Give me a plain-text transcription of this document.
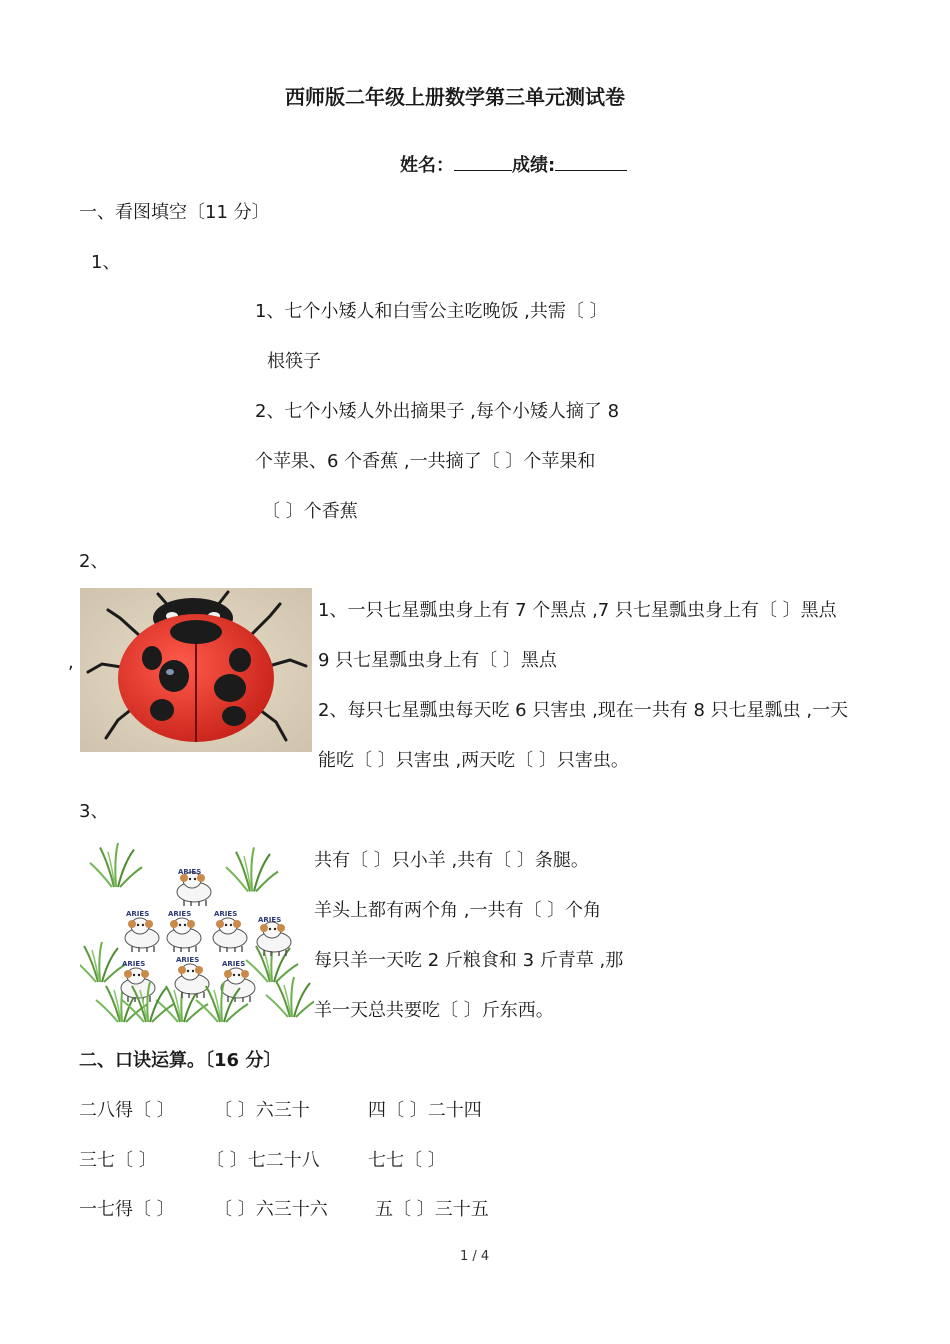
西师版二年级上册数学第三单元测试卷
姓名：	成绩:
一、看图填空〔11 分〕
1、
1、七个小矮人和白雪公主吃晚饭 ,共需〔 〕
根筷子
2、七个小矮人外出摘果子 ,每个小矮人摘了 8
个苹果、6 个香蕉 ,一共摘了〔 〕个苹果和
〔 〕个香蕉
2、
,
1、一只七星瓢虫身上有 7 个黑点 ,7 只七星瓢虫身上有〔 〕黑点
9 只七星瓢虫身上有〔 〕黑点
2、每只七星瓢虫每天吃 6 只害虫 ,现在一共有 8 只七星瓢虫 ,一天
能吃〔 〕只害虫 ,两天吃〔 〕只害虫。
3、
ARIES
ARIES	ARIES	ARIES
ARIES
ARIES	ARIES	ARIES
共有〔 〕只小羊 ,共有〔 〕条腿。
羊头上都有两个角 ,一共有〔 〕个角
每只羊一天吃 2 斤粮食和 3 斤青草 ,那
羊一天总共要吃〔 〕斤东西。
二、口诀运算。〔16 分〕
二八得〔 〕 〔 〕六三十	四〔 〕二十四
三七〔 〕	〔 〕七二十八	七七〔 〕
一七得〔 〕 〔 〕六三十六	五〔 〕三十五
1 / 4
